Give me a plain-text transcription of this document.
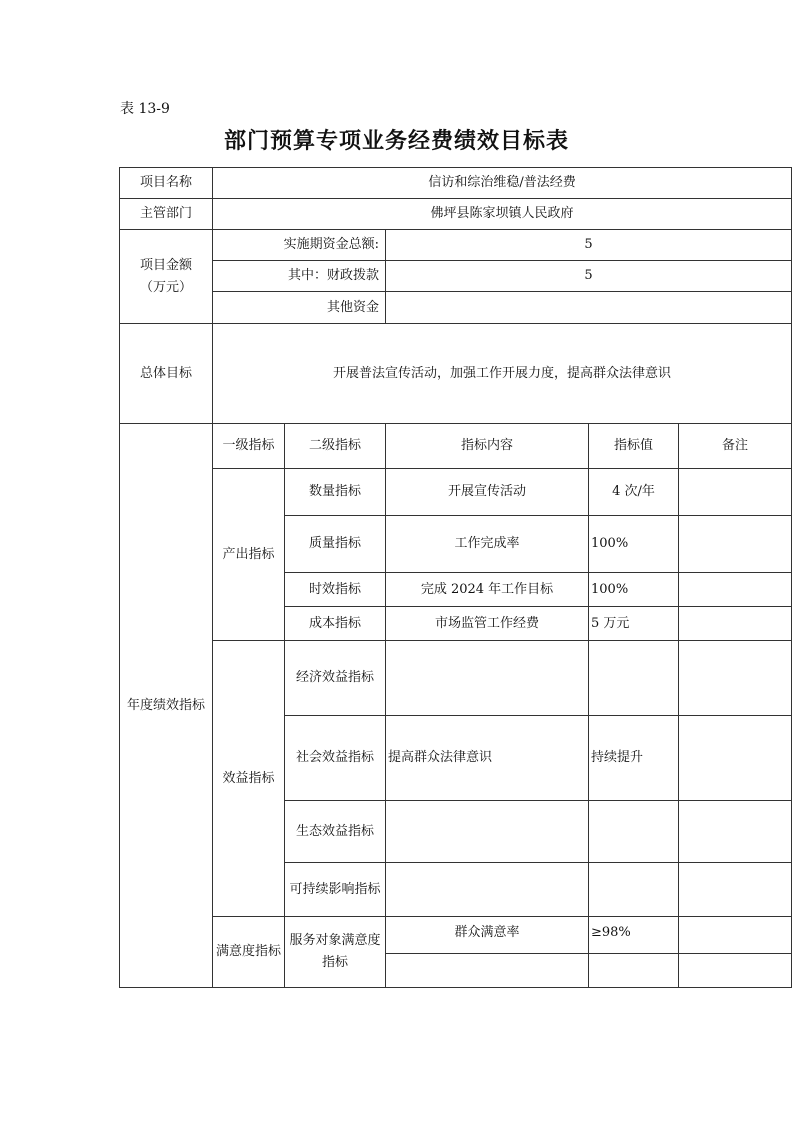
表 13-9
部门预算专项业务经费绩效目标表
项目名称	信访和综治维稳/普法经费				
主管部门	佛坪县陈家坝镇人民政府				

项目金额
（万元）	实施期资金总额:		5		
	其中：财政拨款		5		
	其他资金				
总体目标	开展普法宣传活动，加强工作开展力度，提高群众法律意识				
年度绩效指标	一级指标	二级指标	指标内容	指标值	备注
	产出指标	数量指标	开展宣传活动	4 次/年	
		质量指标	工作完成率	100%	
		时效指标	完成 2024 年工作目标	100%	
		成本指标	市场监管工作经费	5 万元	
	效益指标	经济效益指标			
		社会效益指标	提高群众法律意识	持续提升	
		生态效益指标			
		可持续影响指标			
	满意度指标	服务对象满意度指标	群众满意率	≥98%	
